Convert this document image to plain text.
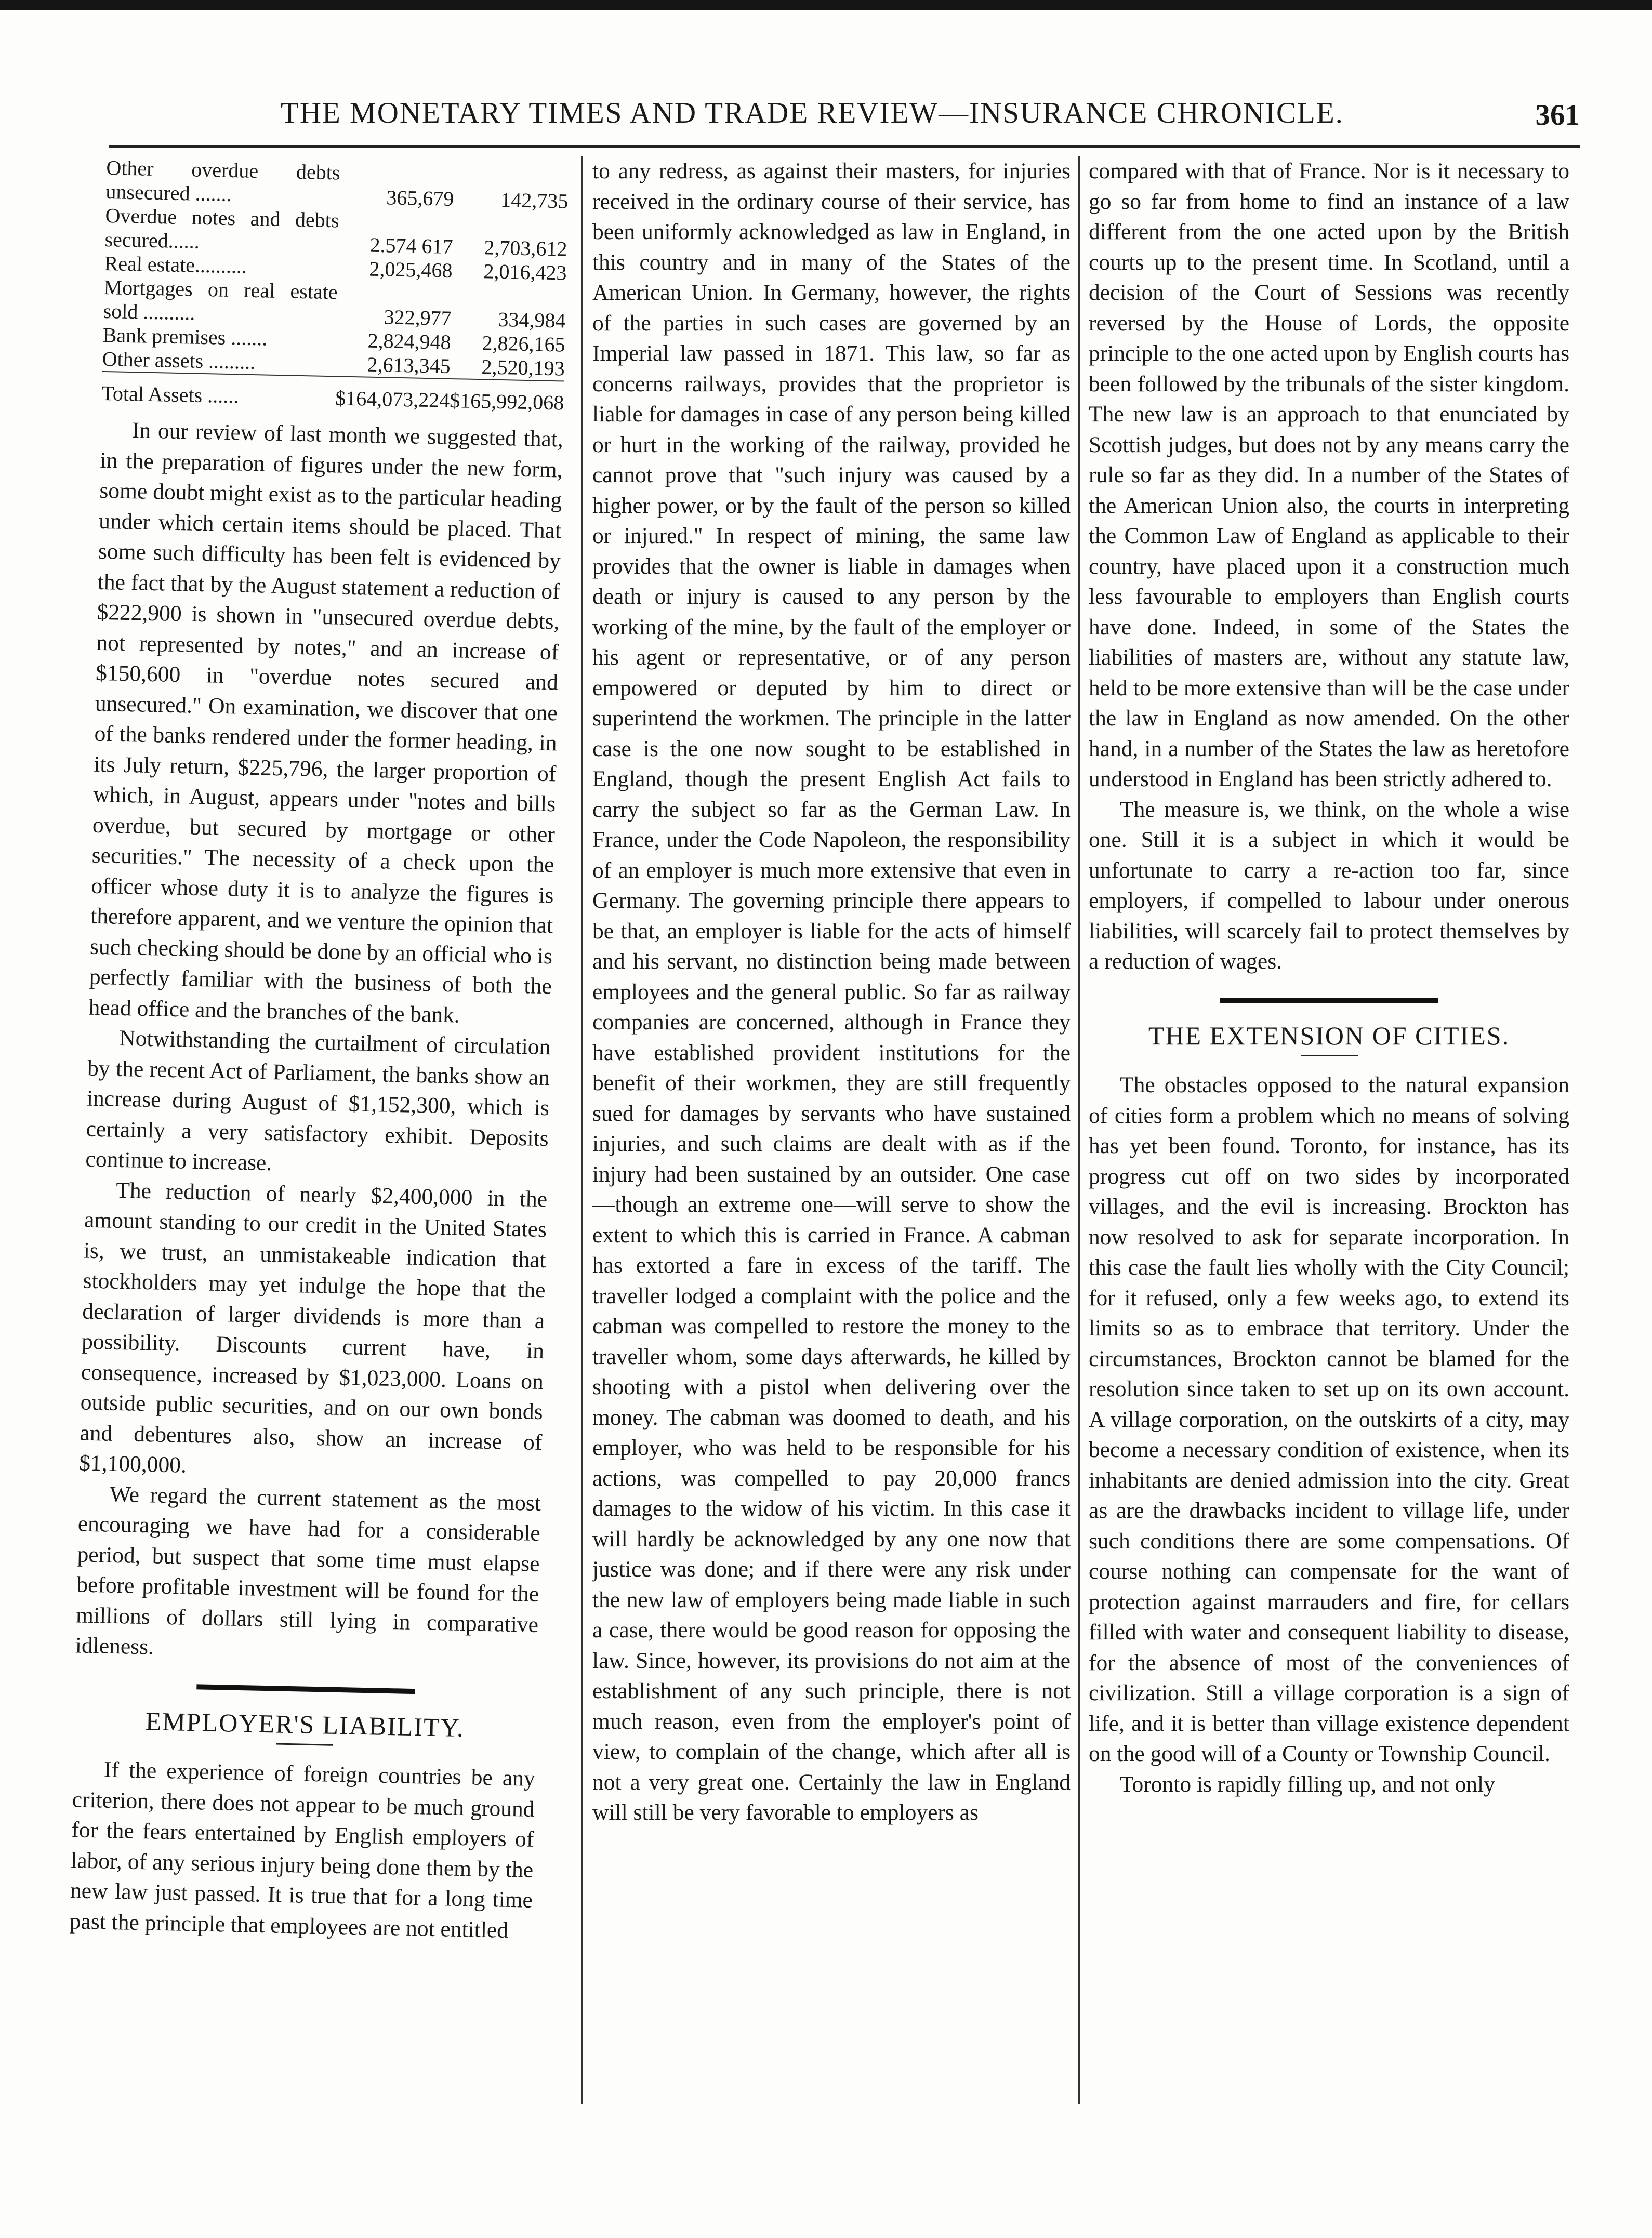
THE MONETARY TIMES AND TRADE REVIEW—INSURANCE CHRONICLE.	361
Other overdue debts unsecured .......	365,679	142,735
Overdue notes and debts secured......	2.574 617	2,703,612
Real estate..........	2,025,468	2,016,423
Mortgages on real estate sold ..........	322,977	334,984
Bank premises .......	2,824,948	2,826,165
Other assets .........	2,613,345	2,520,193
Total Assets ......	$164,073,224	$165,992,068

In our review of last month we suggested that, in the preparation of figures under the new form, some doubt might exist as to the particular heading under which certain items should be placed. That some such difficulty has been felt is evidenced by the fact that by the August statement a reduction of $222,900 is shown in "unsecured overdue debts, not represented by notes," and an increase of $150,600 in "overdue notes secured and unsecured." On examination, we discover that one of the banks rendered under the former heading, in its July return, $225,796, the larger proportion of which, in August, appears under "notes and bills overdue, but secured by mortgage or other securities." The necessity of a check upon the officer whose duty it is to analyze the figures is therefore apparent, and we venture the opinion that such checking should be done by an official who is perfectly familiar with the business of both the head office and the branches of the bank.

Notwithstanding the curtailment of circulation by the recent Act of Parliament, the banks show an increase during August of $1,152,300, which is certainly a very satisfactory exhibit. Deposits continue to increase.

The reduction of nearly $2,400,000 in the amount standing to our credit in the United States is, we trust, an unmistakeable indication that stockholders may yet indulge the hope that the declaration of larger dividends is more than a possibility. Discounts current have, in consequence, increased by $1,023,000. Loans on outside public securities, and on our own bonds and debentures also, show an increase of $1,100,000.

We regard the current statement as the most encouraging we have had for a considerable period, but suspect that some time must elapse before profitable investment will be found for the millions of dollars still lying in comparative idleness.

EMPLOYER'S LIABILITY.

If the experience of foreign countries be any criterion, there does not appear to be much ground for the fears entertained by English employers of labor, of any serious injury being done them by the new law just passed. It is true that for a long time past the principle that employees are not entitled

to any redress, as against their masters, for injuries received in the ordinary course of their service, has been uniformly acknowledged as law in England, in this country and in many of the States of the American Union. In Germany, however, the rights of the parties in such cases are governed by an Imperial law passed in 1871. This law, so far as concerns railways, provides that the proprietor is liable for damages in case of any person being killed or hurt in the working of the railway, provided he cannot prove that "such injury was caused by a higher power, or by the fault of the person so killed or injured." In respect of mining, the same law provides that the owner is liable in damages when death or injury is caused to any person by the working of the mine, by the fault of the employer or his agent or representative, or of any person empowered or deputed by him to direct or superintend the workmen. The principle in the latter case is the one now sought to be established in England, though the present English Act fails to carry the subject so far as the German Law. In France, under the Code Napoleon, the responsibility of an employer is much more extensive that even in Germany. The governing principle there appears to be that, an employer is liable for the acts of himself and his servant, no distinction being made between employees and the general public. So far as railway companies are concerned, although in France they have established provident institutions for the benefit of their workmen, they are still frequently sued for damages by servants who have sustained injuries, and such claims are dealt with as if the injury had been sustained by an outsider. One case—though an extreme one—will serve to show the extent to which this is carried in France. A cabman has extorted a fare in excess of the tariff. The traveller lodged a complaint with the police and the cabman was compelled to restore the money to the traveller whom, some days afterwards, he killed by shooting with a pistol when delivering over the money. The cabman was doomed to death, and his employer, who was held to be responsible for his actions, was compelled to pay 20,000 francs damages to the widow of his victim. In this case it will hardly be acknowledged by any one now that justice was done; and if there were any risk under the new law of employers being made liable in such a case, there would be good reason for opposing the law. Since, however, its provisions do not aim at the establishment of any such principle, there is not much reason, even from the employer's point of view, to complain of the change, which after all is not a very great one. Certainly the law in England will still be very favorable to employers as

compared with that of France. Nor is it necessary to go so far from home to find an instance of a law different from the one acted upon by the British courts up to the present time. In Scotland, until a decision of the Court of Sessions was recently reversed by the House of Lords, the opposite principle to the one acted upon by English courts has been followed by the tribunals of the sister kingdom. The new law is an approach to that enunciated by Scottish judges, but does not by any means carry the rule so far as they did. In a number of the States of the American Union also, the courts in interpreting the Common Law of England as applicable to their country, have placed upon it a construction much less favourable to employers than English courts have done. Indeed, in some of the States the liabilities of masters are, without any statute law, held to be more extensive than will be the case under the law in England as now amended. On the other hand, in a number of the States the law as heretofore understood in England has been strictly adhered to.

The measure is, we think, on the whole a wise one. Still it is a subject in which it would be unfortunate to carry a re-action too far, since employers, if compelled to labour under onerous liabilities, will scarcely fail to protect themselves by a reduction of wages.

THE EXTENSION OF CITIES.

The obstacles opposed to the natural expansion of cities form a problem which no means of solving has yet been found. Toronto, for instance, has its progress cut off on two sides by incorporated villages, and the evil is increasing. Brockton has now resolved to ask for separate incorporation. In this case the fault lies wholly with the City Council; for it refused, only a few weeks ago, to extend its limits so as to embrace that territory. Under the circumstances, Brockton cannot be blamed for the resolution since taken to set up on its own account. A village corporation, on the outskirts of a city, may become a necessary condition of existence, when its inhabitants are denied admission into the city. Great as are the drawbacks incident to village life, under such conditions there are some compensations. Of course nothing can compensate for the want of protection against marrauders and fire, for cellars filled with water and consequent liability to disease, for the absence of most of the conveniences of civilization. Still a village corporation is a sign of life, and it is better than village existence dependent on the good will of a County or Township Council.

Toronto is rapidly filling up, and not only
